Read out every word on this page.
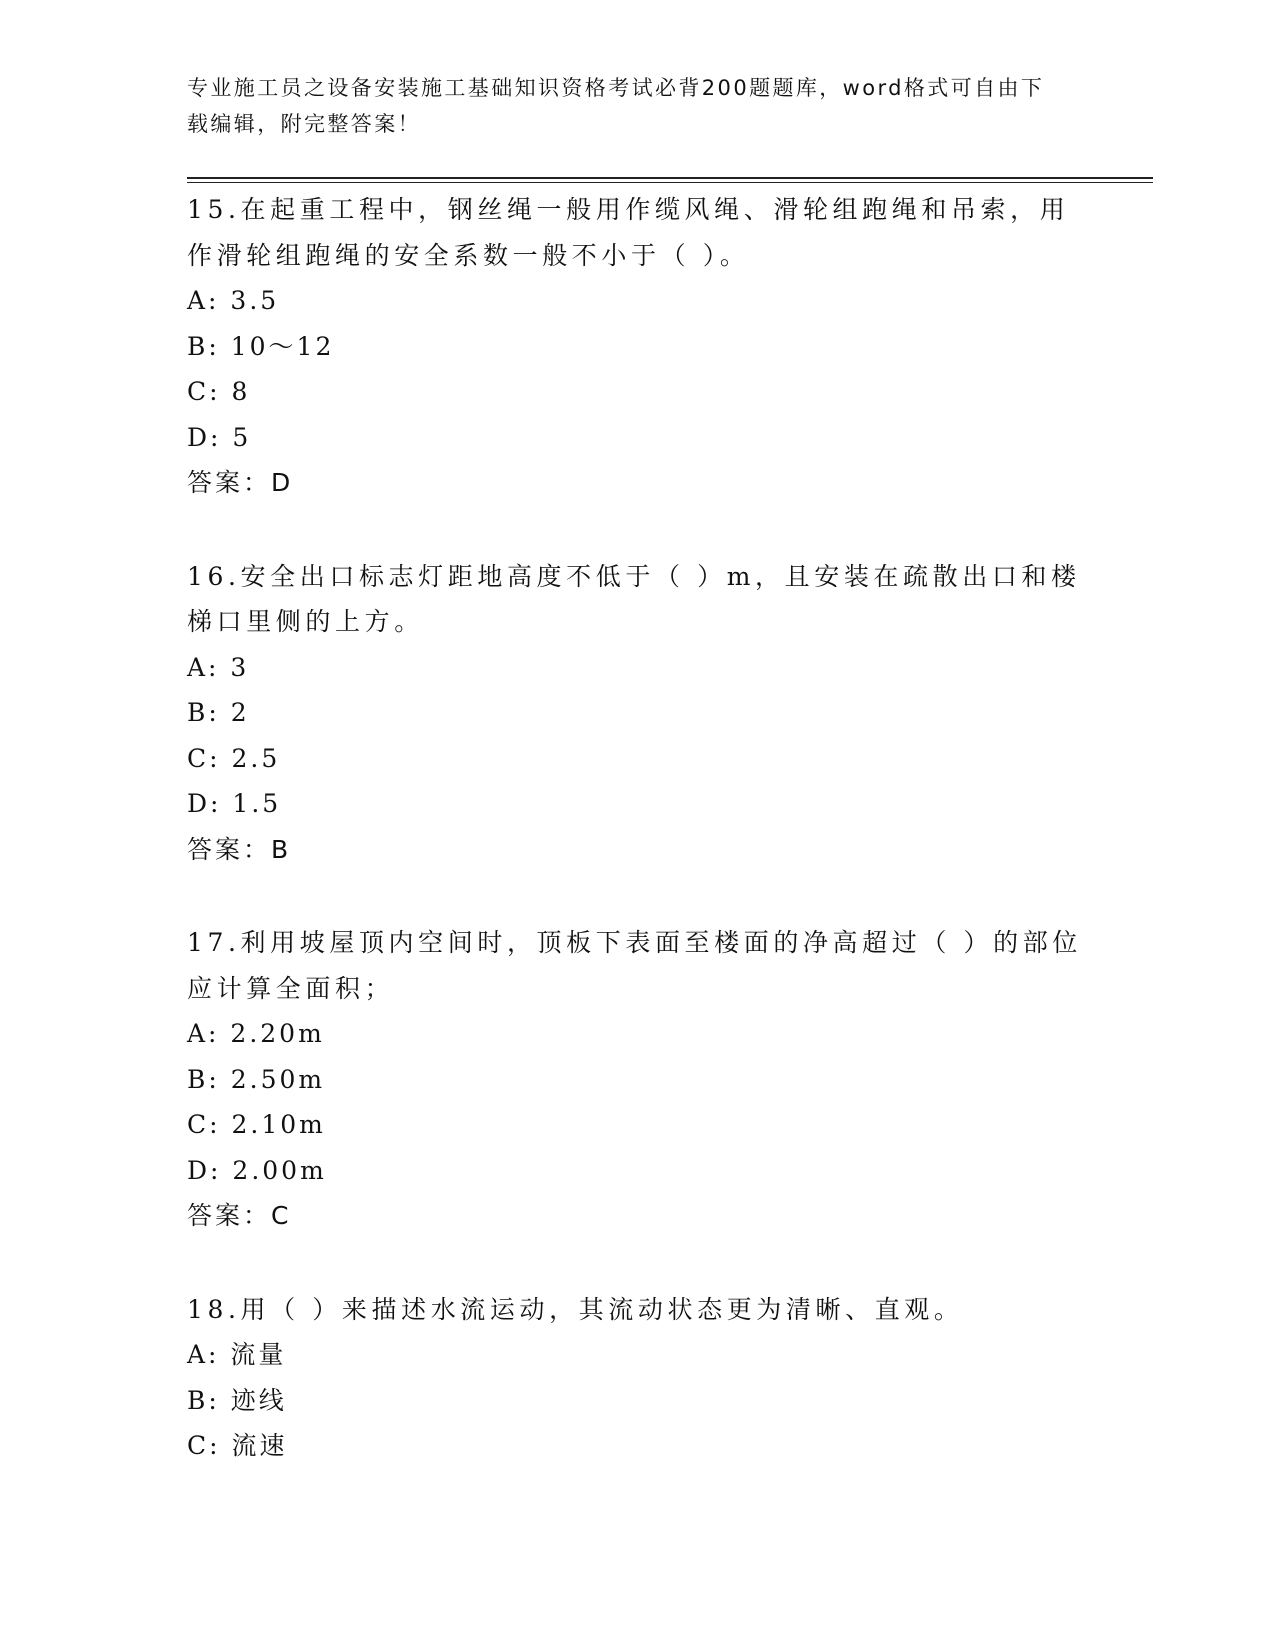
专业施工员之设备安装施工基础知识资格考试必背200题题库，word格式可自由下载编辑，附完整答案！

15.在起重工程中，钢丝绳一般用作缆风绳、滑轮组跑绳和吊索，用作滑轮组跑绳的安全系数一般不小于（ ）。

A: 3.5

B: 10～12

C: 8

D: 5

答案：D

16.安全出口标志灯距地高度不低于（ ）m，且安装在疏散出口和楼梯口里侧的上方。

A: 3

B: 2

C: 2.5

D: 1.5

答案：B

17.利用坡屋顶内空间时，顶板下表面至楼面的净高超过（ ）的部位应计算全面积；

A: 2.20m

B: 2.50m

C: 2.10m

D: 2.00m

答案：C

18.用（ ）来描述水流运动，其流动状态更为清晰、直观。

A: 流量

B: 迹线

C: 流速
